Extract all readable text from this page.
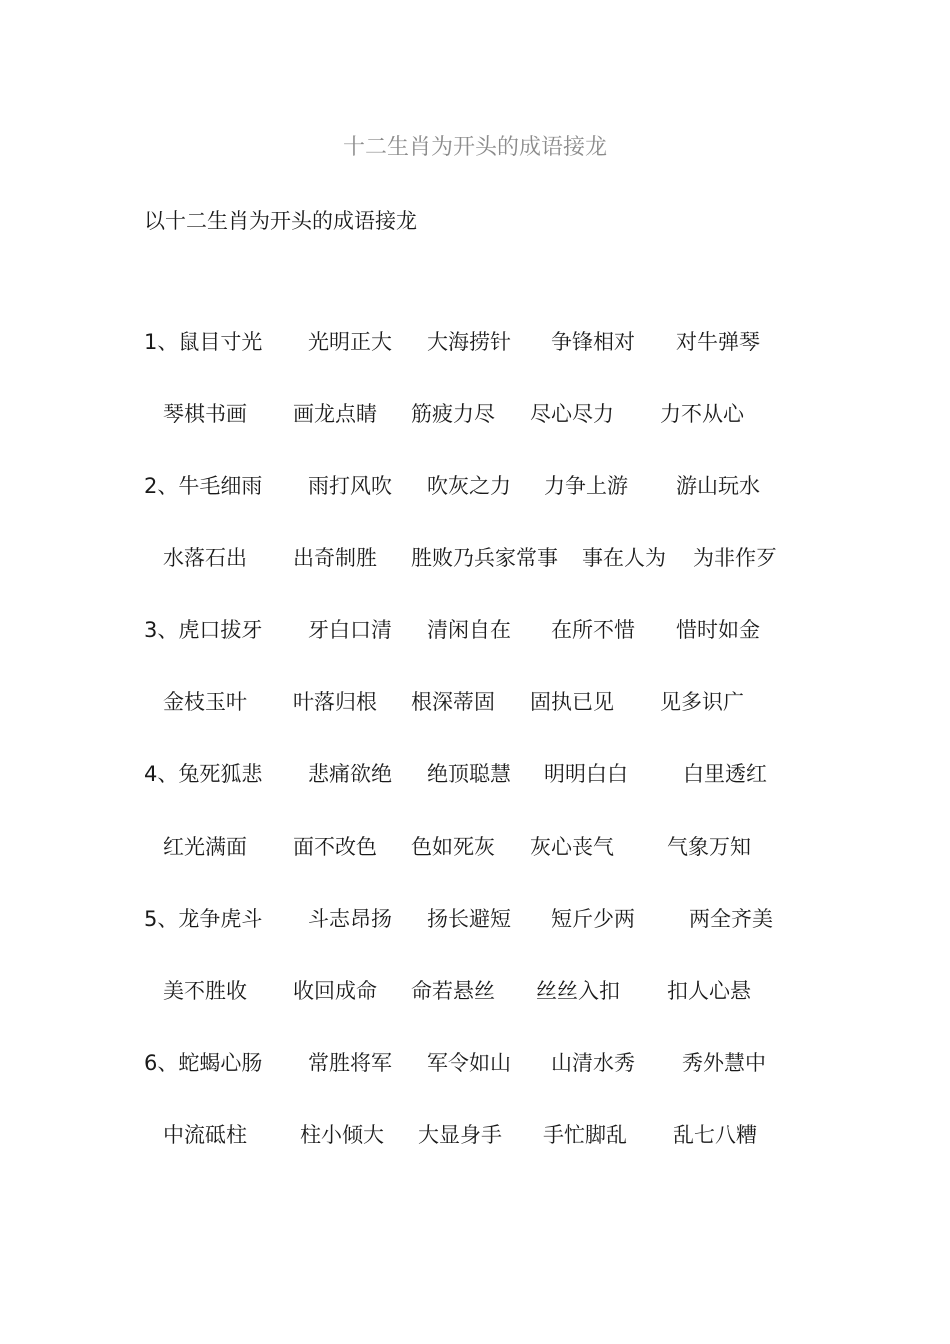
十二生肖为开头的成语接龙
以十二生肖为开头的成语接龙
1、鼠目寸光 光明正大 大海捞针 争锋相对 对牛弹琴
琴棋书画 画龙点睛 筋疲力尽 尽心尽力 力不从心
2、牛毛细雨 雨打风吹 吹灰之力 力争上游 游山玩水
水落石出 出奇制胜 胜败乃兵家常事 事在人为 为非作歹
3、虎口拔牙 牙白口清 清闲自在 在所不惜 惜时如金
金枝玉叶 叶落归根 根深蒂固 固执已见 见多识广
4、兔死狐悲 悲痛欲绝 绝顶聪慧 明明白白	白里透红
红光满面 面不改色 色如死灰 灰心丧气	气象万知
5、龙争虎斗 斗志昂扬 扬长避短 短斤少两	两全齐美
美不胜收 收回成命 命若悬丝 丝丝入扣 扣人心悬
6、蛇蝎心肠 常胜将军 军令如山 山清水秀 秀外慧中
中流砥柱	柱小倾大 大显身手 手忙脚乱 乱七八糟
